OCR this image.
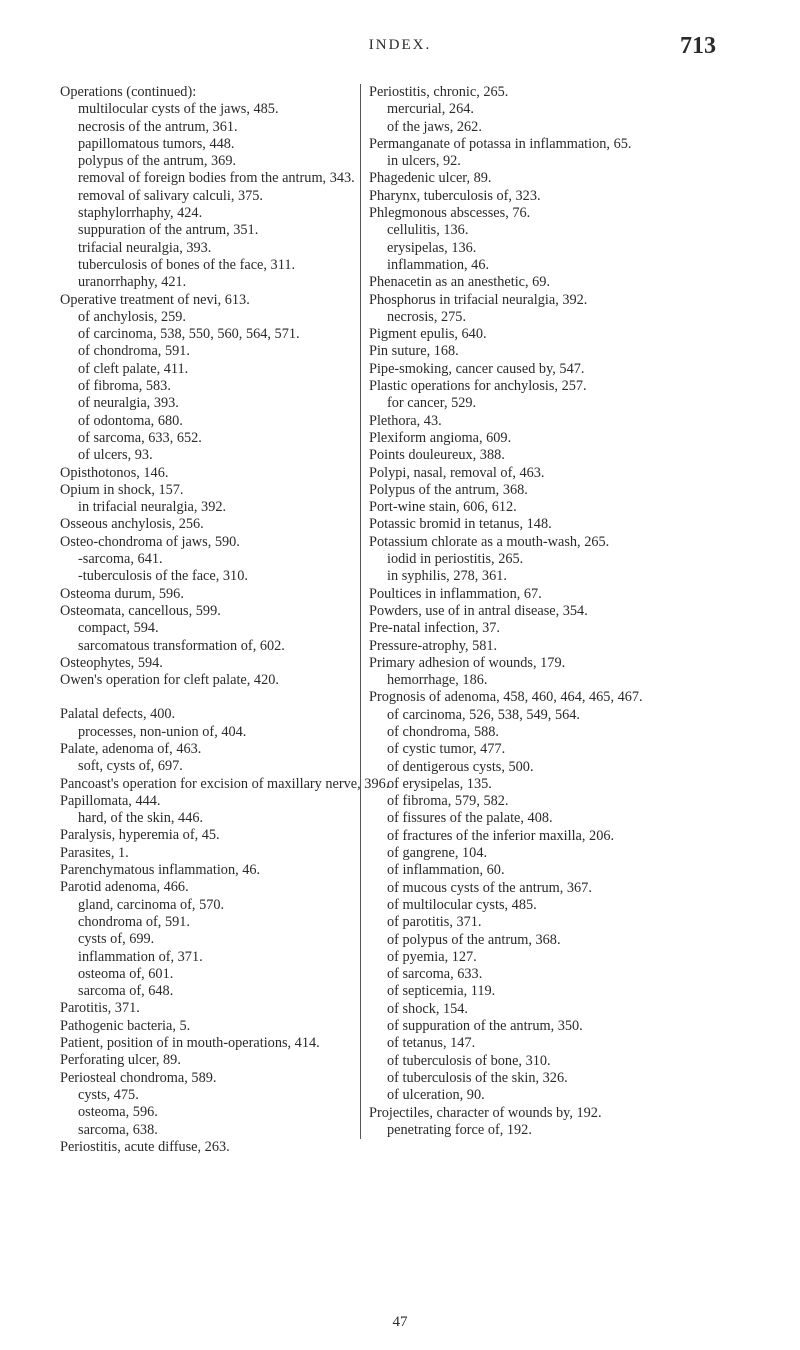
INDEX.	713

Operations (continued):

multilocular cysts of the jaws, 485.

necrosis of the antrum, 361.

papillomatous tumors, 448.

polypus of the antrum, 369.

removal of foreign bodies from the antrum, 343.

removal of salivary calculi, 375.

staphylorrhaphy, 424.

suppuration of the antrum, 351.

trifacial neuralgia, 393.

tuberculosis of bones of the face, 311.

uranorrhaphy, 421.

Operative treatment of nevi, 613.

of anchylosis, 259.

of carcinoma, 538, 550, 560, 564, 571.

of chondroma, 591.

of cleft palate, 411.

of fibroma, 583.

of neuralgia, 393.

of odontoma, 680.

of sarcoma, 633, 652.

of ulcers, 93.

Opisthotonos, 146.

Opium in shock, 157.

in trifacial neuralgia, 392.

Osseous anchylosis, 256.

Osteo-chondroma of jaws, 590.

-sarcoma, 641.

-tuberculosis of the face, 310.

Osteoma durum, 596.

Osteomata, cancellous, 599.

compact, 594.

sarcomatous transformation of, 602.

Osteophytes, 594.

Owen's operation for cleft palate, 420.

Palatal defects, 400.

processes, non-union of, 404.

Palate, adenoma of, 463.

soft, cysts of, 697.

Pancoast's operation for excision of maxillary nerve, 396.

Papillomata, 444.

hard, of the skin, 446.

Paralysis, hyperemia of, 45.

Parasites, 1.

Parenchymatous inflammation, 46.

Parotid adenoma, 466.

gland, carcinoma of, 570.

chondroma of, 591.

cysts of, 699.

inflammation of, 371.

osteoma of, 601.

sarcoma of, 648.

Parotitis, 371.

Pathogenic bacteria, 5.

Patient, position of in mouth-operations, 414.

Perforating ulcer, 89.

Periosteal chondroma, 589.

cysts, 475.

osteoma, 596.

sarcoma, 638.

Periostitis, acute diffuse, 263.

Periostitis, chronic, 265.

mercurial, 264.

of the jaws, 262.

Permanganate of potassa in inflammation, 65.

in ulcers, 92.

Phagedenic ulcer, 89.

Pharynx, tuberculosis of, 323.

Phlegmonous abscesses, 76.

cellulitis, 136.

erysipelas, 136.

inflammation, 46.

Phenacetin as an anesthetic, 69.

Phosphorus in trifacial neuralgia, 392.

necrosis, 275.

Pigment epulis, 640.

Pin suture, 168.

Pipe-smoking, cancer caused by, 547.

Plastic operations for anchylosis, 257.

for cancer, 529.

Plethora, 43.

Plexiform angioma, 609.

Points douleureux, 388.

Polypi, nasal, removal of, 463.

Polypus of the antrum, 368.

Port-wine stain, 606, 612.

Potassic bromid in tetanus, 148.

Potassium chlorate as a mouth-wash, 265.

iodid in periostitis, 265.

in syphilis, 278, 361.

Poultices in inflammation, 67.

Powders, use of in antral disease, 354.

Pre-natal infection, 37.

Pressure-atrophy, 581.

Primary adhesion of wounds, 179.

hemorrhage, 186.

Prognosis of adenoma, 458, 460, 464, 465, 467.

of carcinoma, 526, 538, 549, 564.

of chondroma, 588.

of cystic tumor, 477.

of dentigerous cysts, 500.

of erysipelas, 135.

of fibroma, 579, 582.

of fissures of the palate, 408.

of fractures of the inferior maxilla, 206.

of gangrene, 104.

of inflammation, 60.

of mucous cysts of the antrum, 367.

of multilocular cysts, 485.

of parotitis, 371.

of polypus of the antrum, 368.

of pyemia, 127.

of sarcoma, 633.

of septicemia, 119.

of shock, 154.

of suppuration of the antrum, 350.

of tetanus, 147.

of tuberculosis of bone, 310.

of tuberculosis of the skin, 326.

of ulceration, 90.

Projectiles, character of wounds by, 192.

penetrating force of, 192.

47
